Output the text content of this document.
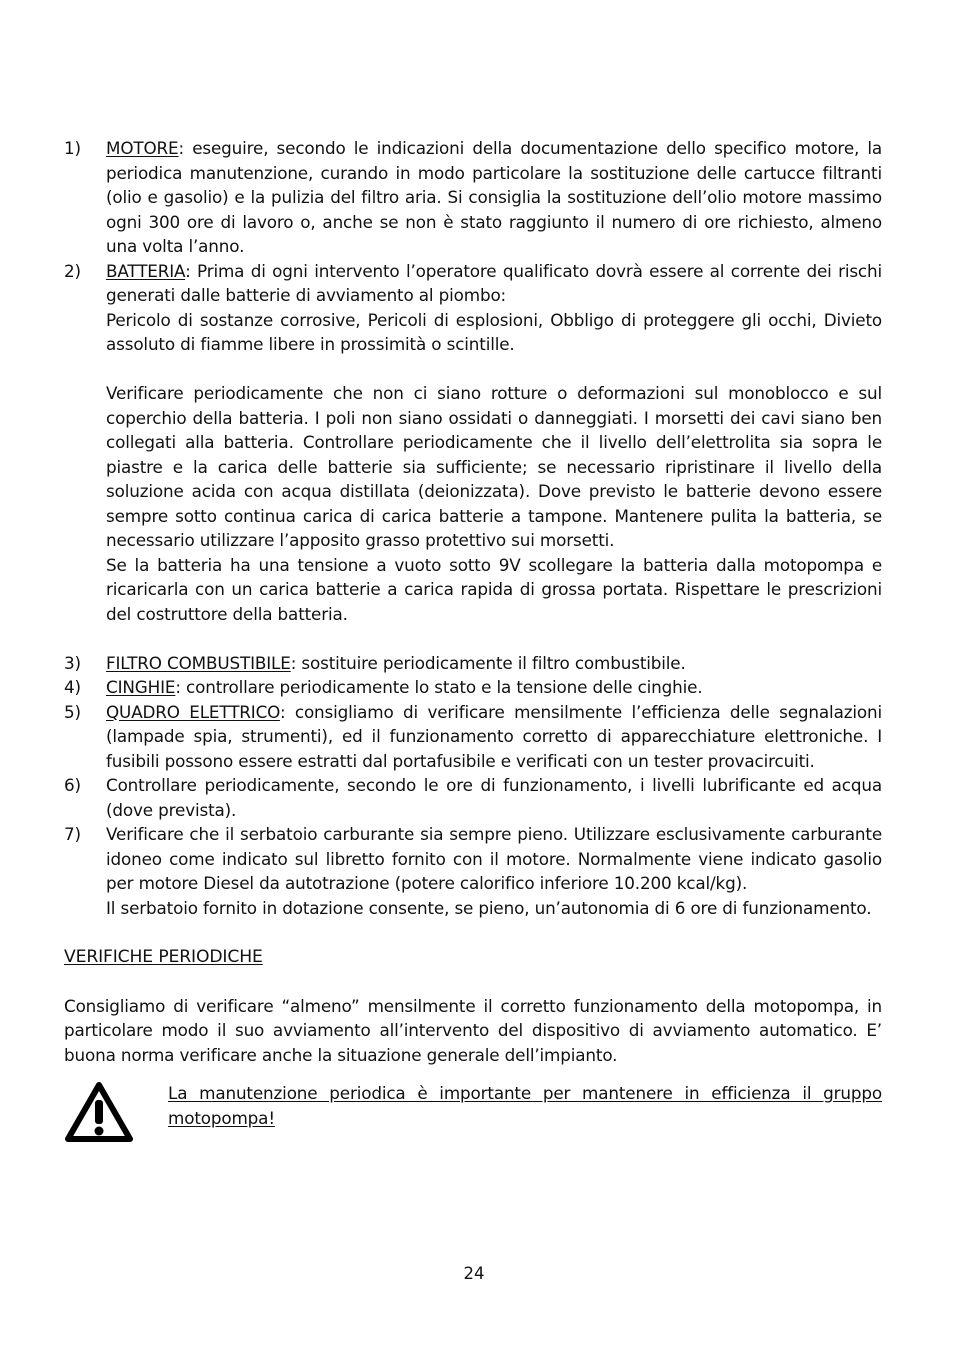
1)	MOTORE: eseguire, secondo le indicazioni della documentazione dello specifico motore, la periodica manutenzione, curando in modo particolare la sostituzione delle cartucce filtranti (olio e gasolio) e la pulizia del filtro aria. Si consiglia la sostituzione dell’olio motore massimo ogni 300 ore di lavoro o, anche se non è stato raggiunto il numero di ore richiesto, almeno una volta l’anno.

2)	BATTERIA: Prima di ogni intervento l’operatore qualificato dovrà essere al corrente dei rischi generati dalle batterie di avviamento al piombo:

Pericolo di sostanze corrosive, Pericoli di esplosioni, Obbligo di proteggere gli occhi, Divieto assoluto di fiamme libere in prossimità o scintille.

Verificare periodicamente che non ci siano rotture o deformazioni sul monoblocco e sul coperchio della batteria. I poli non siano ossidati o danneggiati. I morsetti dei cavi siano ben collegati alla batteria. Controllare periodicamente che il livello dell’elettrolita sia sopra le piastre e la carica delle batterie sia sufficiente; se necessario ripristinare il livello della soluzione acida con acqua distillata (deionizzata). Dove previsto le batterie devono essere sempre sotto continua carica di carica batterie a tampone. Mantenere pulita la batteria, se necessario utilizzare l’apposito grasso protettivo sui morsetti.

Se la batteria ha una tensione a vuoto sotto 9V scollegare la batteria dalla motopompa e ricaricarla con un carica batterie a carica rapida di grossa portata. Rispettare le prescrizioni del costruttore della batteria.

3)	FILTRO COMBUSTIBILE: sostituire periodicamente il filtro combustibile.

4)	CINGHIE: controllare periodicamente lo stato e la tensione delle cinghie.

5)	QUADRO ELETTRICO: consigliamo di verificare mensilmente l’efficienza delle segnalazioni (lampade spia, strumenti), ed il funzionamento corretto di apparecchiature elettroniche. I fusibili possono essere estratti dal portafusibile e verificati con un tester provacircuiti.

6)	Controllare periodicamente, secondo le ore di funzionamento, i livelli lubrificante ed acqua (dove prevista).

7)	Verificare che il serbatoio carburante sia sempre pieno. Utilizzare esclusivamente carburante idoneo come indicato sul libretto fornito con il motore. Normalmente viene indicato gasolio per motore Diesel da autotrazione (potere calorifico inferiore 10.200 kcal/kg).

Il serbatoio fornito in dotazione consente, se pieno, un’autonomia di 6 ore di funzionamento.

VERIFICHE PERIODICHE

Consigliamo di verificare “almeno” mensilmente il corretto funzionamento della motopompa, in particolare modo il suo avviamento all’intervento del dispositivo di avviamento automatico. E’ buona norma verificare anche la situazione generale dell’impianto.

La manutenzione periodica è importante per mantenere in efficienza il gruppo motopompa!
24
